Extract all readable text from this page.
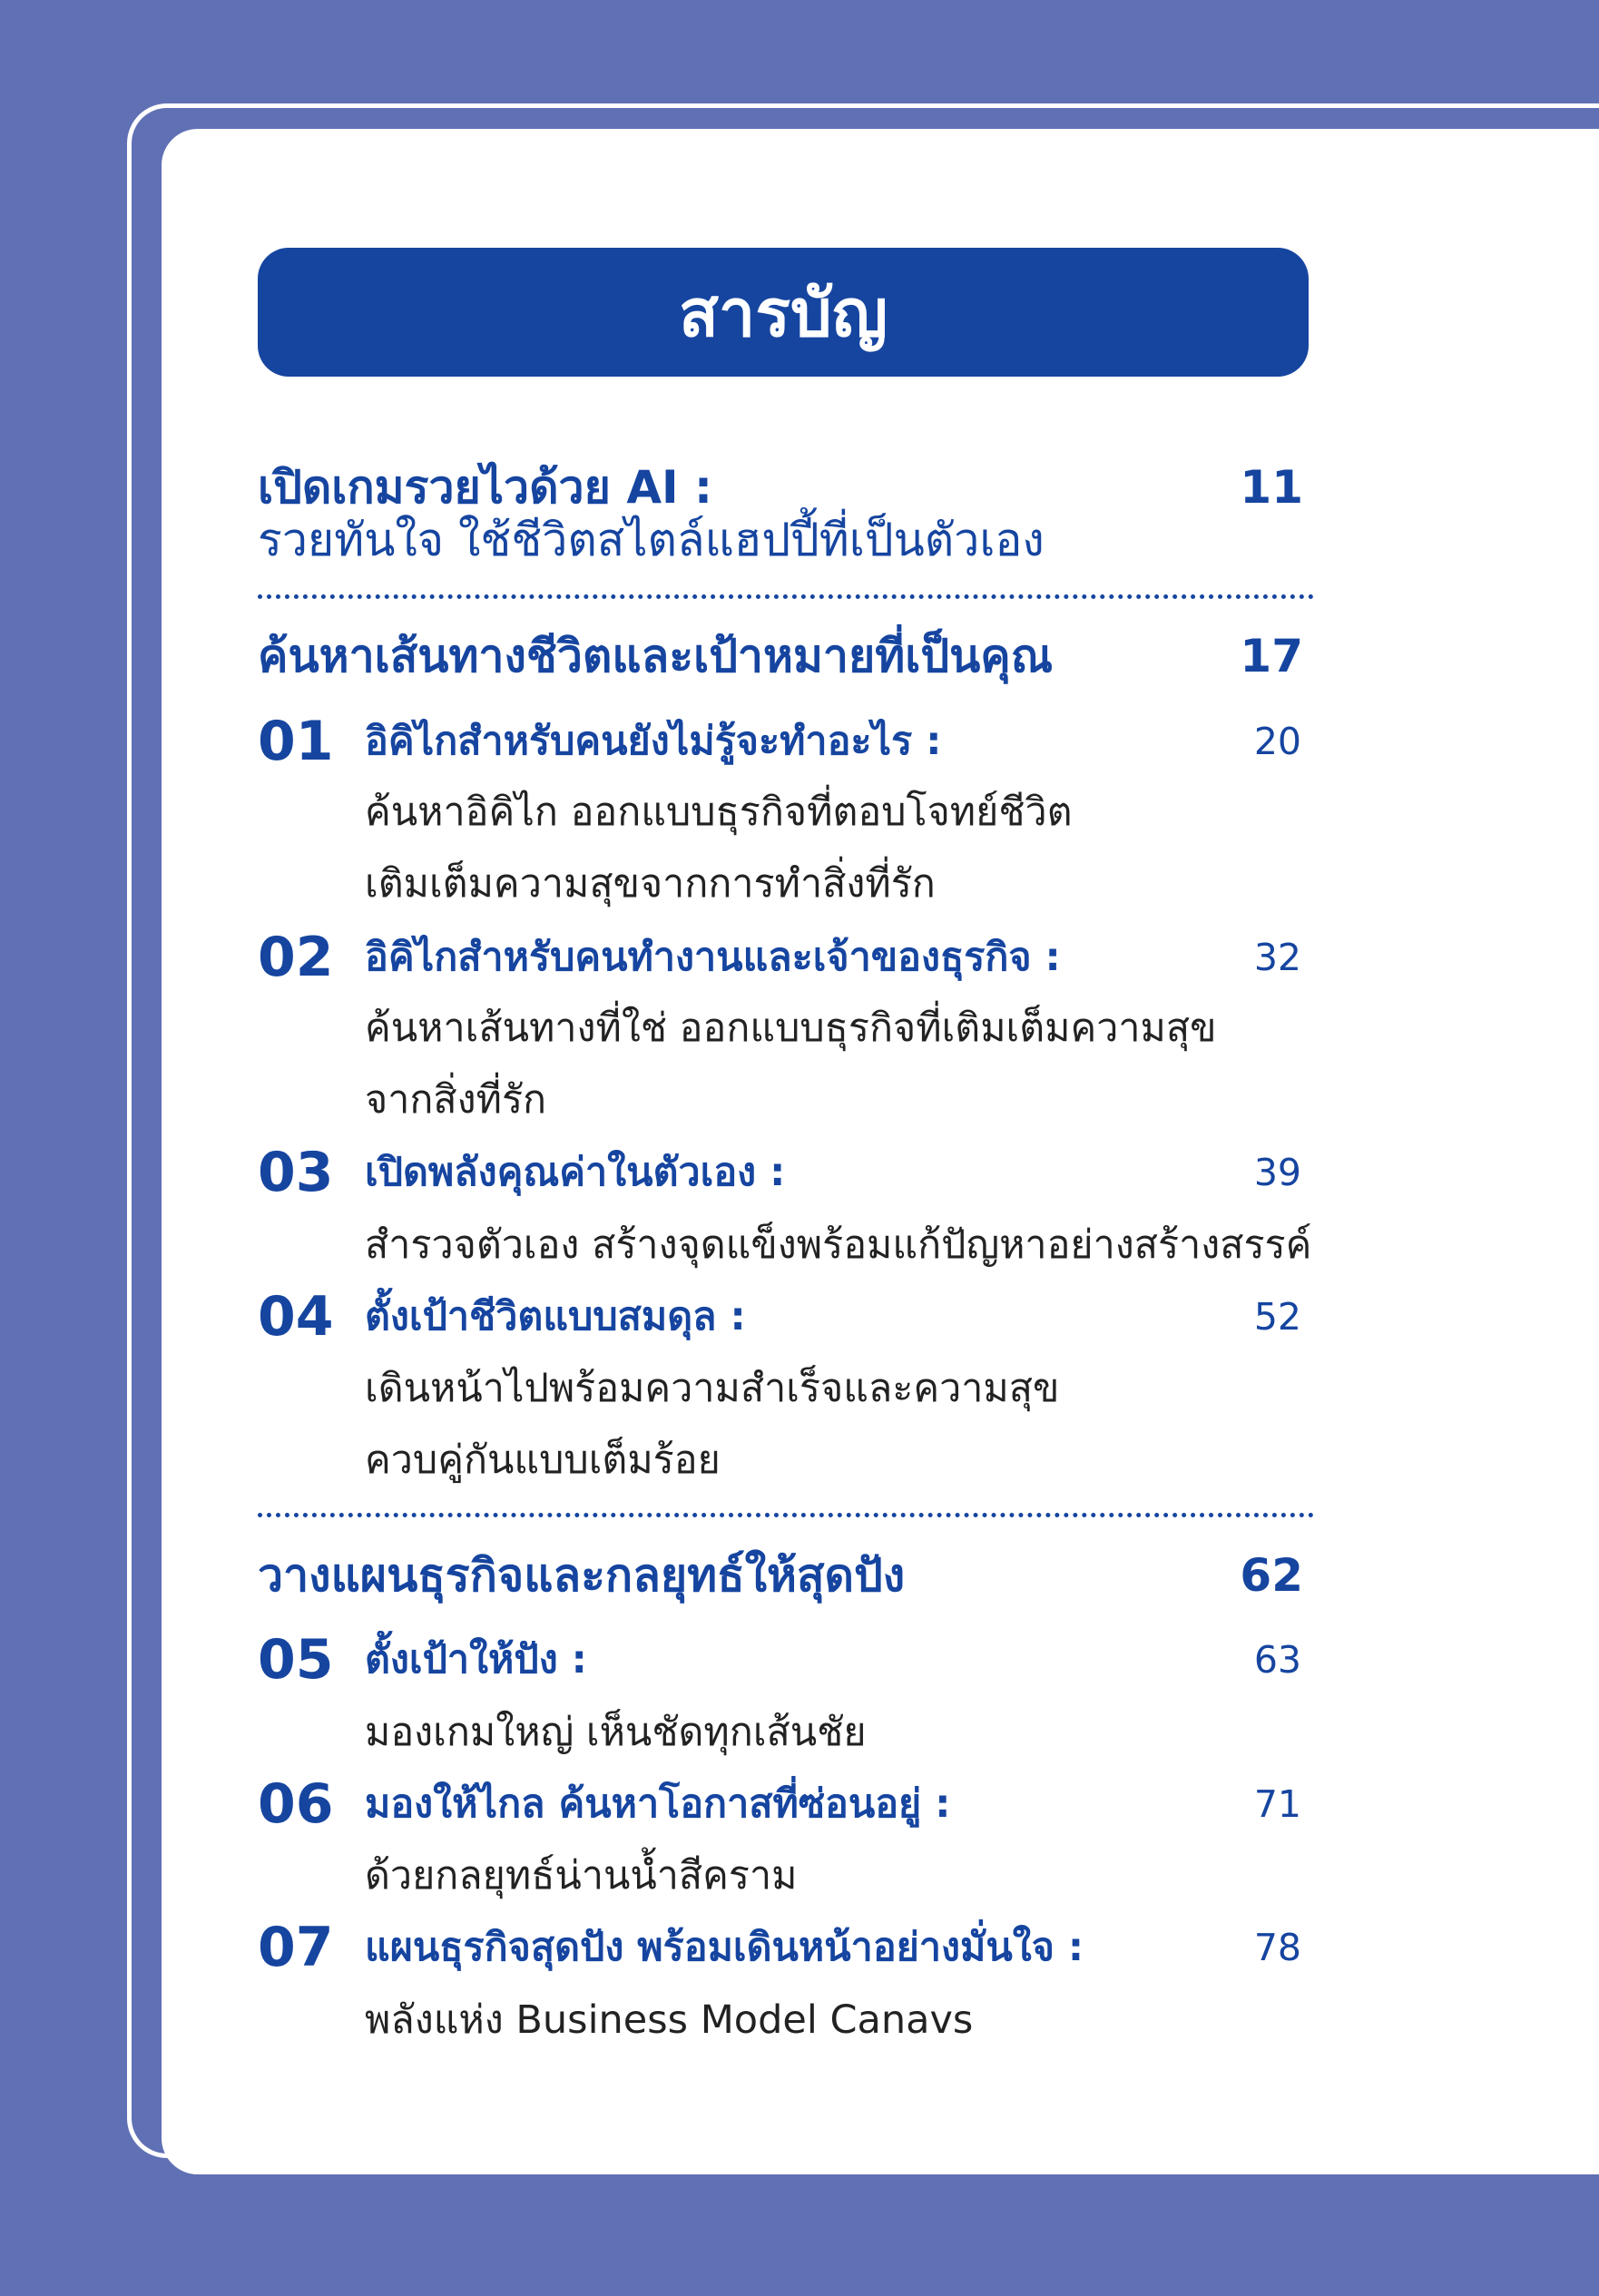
สารบัญ
เปิดเกมรวยไวด้วย AI :	11
รวยทันใจ ใช้ชีวิตสไตล์แฮปปี้ที่เป็นตัวเอง
ค้นหาเส้นทางชีวิตและเป้าหมายที่เป็นคุณ	17
01 อิคิไกสำหรับคนยังไม่รู้จะทำอะไร :	20
ค้นหาอิคิไก ออกแบบธุรกิจที่ตอบโจทย์ชีวิต
เติมเต็มความสุขจากการทำสิ่งที่รัก
02 อิคิไกสำหรับคนทำงานและเจ้าของธุรกิจ :	32
ค้นหาเส้นทางที่ใช่ ออกแบบธุรกิจที่เติมเต็มความสุข
จากสิ่งที่รัก
03 เปิดพลังคุณค่าในตัวเอง :	39
สำรวจตัวเอง สร้างจุดแข็งพร้อมแก้ปัญหาอย่างสร้างสรรค์
04 ตั้งเป้าชีวิตแบบสมดุล :	52
เดินหน้าไปพร้อมความสำเร็จและความสุข
ควบคู่กันแบบเต็มร้อย
วางแผนธุรกิจและกลยุทธ์ให้สุดปัง	62
05 ตั้งเป้าให้ปัง :	63
มองเกมใหญ่ เห็นชัดทุกเส้นชัย
06 มองให้ไกล ค้นหาโอกาสที่ซ่อนอยู่ :	71
ด้วยกลยุทธ์น่านน้ำสีคราม
07 แผนธุรกิจสุดปัง พร้อมเดินหน้าอย่างมั่นใจ :	78
พลังแห่ง Business Model Canavs
